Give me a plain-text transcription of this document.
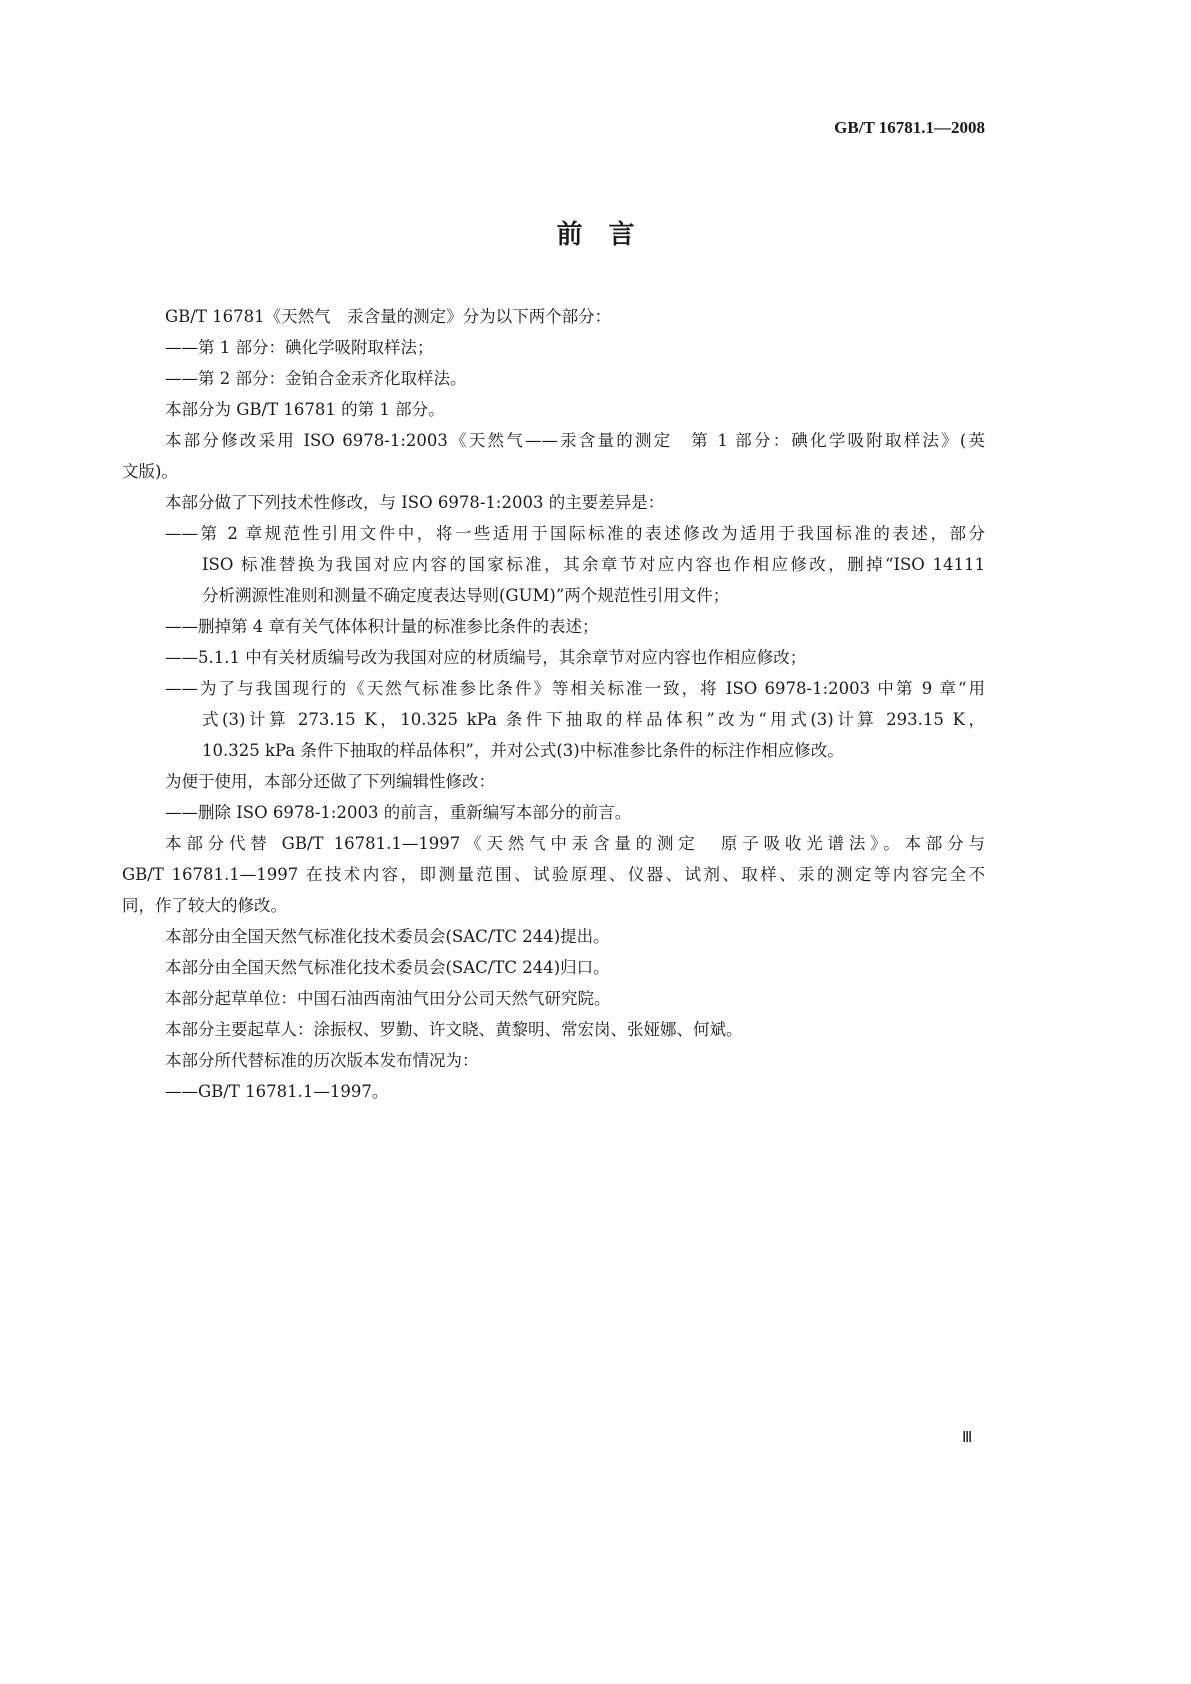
GB/T 16781.1—2008
前言
GB/T 16781《天然气　汞含量的测定》分为以下两个部分：
——第 1 部分：碘化学吸附取样法；
——第 2 部分：金铂合金汞齐化取样法。
本部分为 GB/T 16781 的第 1 部分。
本部分修改采用 ISO 6978-1:2003《天然气——汞含量的测定　第 1 部分：碘化学吸附取样法》(英
文版)。
本部分做了下列技术性修改，与 ISO 6978-1:2003 的主要差异是：
——第 2 章规范性引用文件中，将一些适用于国际标准的表述修改为适用于我国标准的表述，部分
ISO 标准替换为我国对应内容的国家标准，其余章节对应内容也作相应修改，删掉“ISO 14111
分析溯源性准则和测量不确定度表达导则(GUM)”两个规范性引用文件；
——删掉第 4 章有关气体体积计量的标准参比条件的表述；
——5.1.1 中有关材质编号改为我国对应的材质编号，其余章节对应内容也作相应修改；
——为了与我国现行的《天然气标准参比条件》等相关标准一致，将 ISO 6978-1:2003 中第 9 章“用
式(3)计算 273.15 K，10.325 kPa 条件下抽取的样品体积”改为“用式(3)计算 293.15 K，
10.325 kPa 条件下抽取的样品体积”，并对公式(3)中标准参比条件的标注作相应修改。
为便于使用，本部分还做了下列编辑性修改：
——删除 ISO 6978-1:2003 的前言，重新编写本部分的前言。
本部分代替 GB/T 16781.1—1997《天然气中汞含量的测定　原子吸收光谱法》。本部分与
GB/T 16781.1—1997 在技术内容，即测量范围、试验原理、仪器、试剂、取样、汞的测定等内容完全不
同，作了较大的修改。
本部分由全国天然气标准化技术委员会(SAC/TC 244)提出。
本部分由全国天然气标准化技术委员会(SAC/TC 244)归口。
本部分起草单位：中国石油西南油气田分公司天然气研究院。
本部分主要起草人：涂振权、罗勤、许文晓、黄黎明、常宏岗、张娅娜、何斌。
本部分所代替标准的历次版本发布情况为：
——GB/T 16781.1—1997。
Ⅲ
